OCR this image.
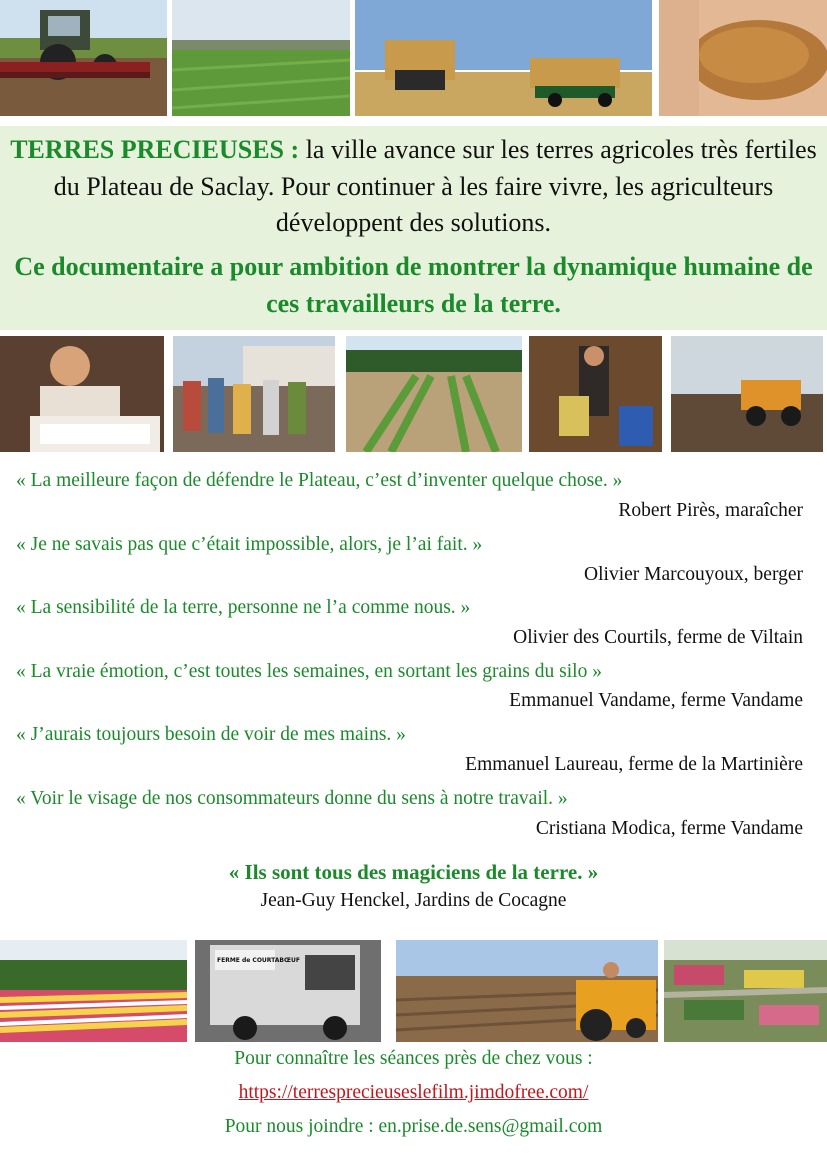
TERRES PRECIEUSES : la ville avance sur les terres agricoles très fertiles du Plateau de Saclay. Pour continuer à les faire vivre, les agriculteurs développent des solutions.

Ce documentaire a pour ambition de montrer la dynamique humaine de ces travailleurs de la terre.

« La meilleure façon de défendre le Plateau, c’est d’inventer quelque chose. »
Robert Pirès, maraîcher
« Je ne savais pas que c’était impossible, alors, je l’ai fait. »
Olivier Marcouyoux, berger
« La sensibilité de la terre, personne ne l’a comme nous. »
Olivier des Courtils, ferme de Viltain
« La vraie émotion, c’est toutes les semaines, en sortant les grains du silo »
Emmanuel Vandame, ferme Vandame
« J’aurais toujours besoin de voir de mes mains. »
Emmanuel Laureau, ferme de la Martinière
« Voir le visage de nos consommateurs donne du sens à notre travail. »
Cristiana Modica, ferme Vandame
« Ils sont tous des magiciens de la terre. »
Jean-Guy Henckel, Jardins de Cocagne
FERME de COURTABŒUF
Pour connaître les séances près de chez vous :
https://terresprecieuseslefilm.jimdofree.com/
Pour nous joindre : en.prise.de.sens@gmail.com
